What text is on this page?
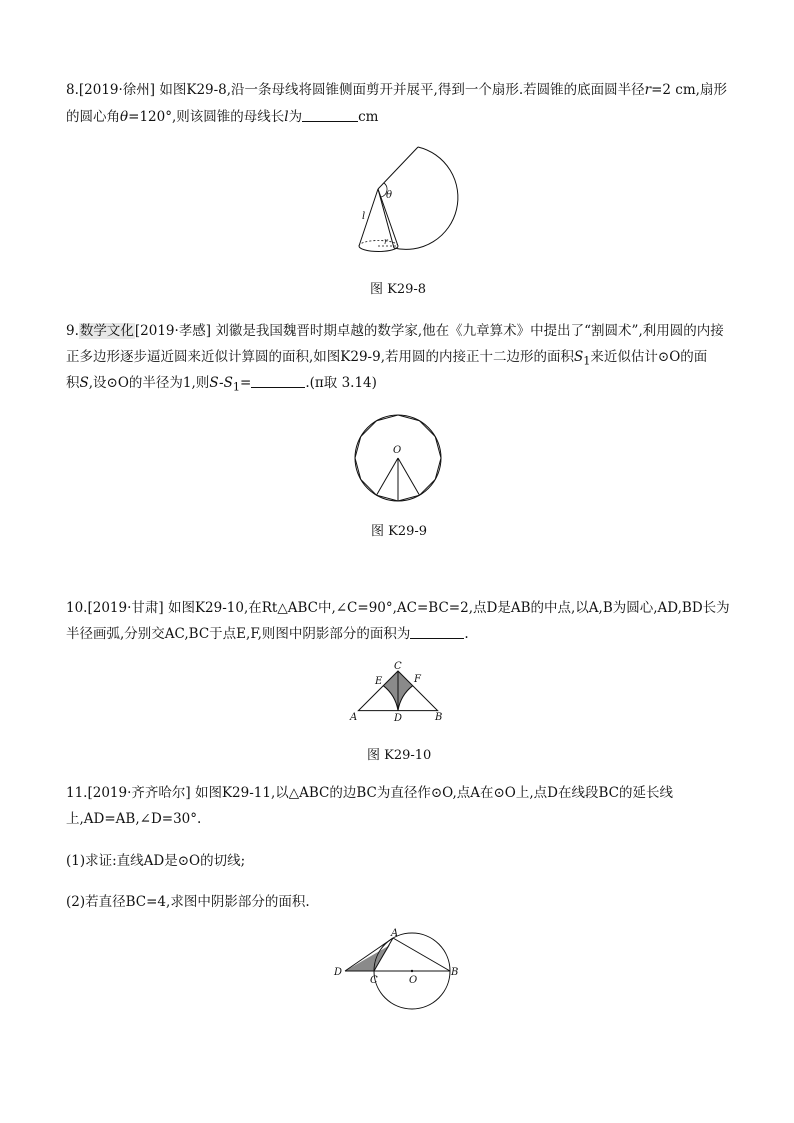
8.[2019·徐州] 如图K29-8,沿一条母线将圆锥侧面剪开并展平,得到一个扇形.若圆锥的底面圆半径r=2 cm,扇形
的圆心角θ=120°,则该圆锥的母线长l为	cm
θ
l
r
图 K29-8
9.数学文化[2019·孝感] 刘徽是我国魏晋时期卓越的数学家,他在《九章算术》中提出了“割圆术”,利用圆的内接
正多边形逐步逼近圆来近似计算圆的面积,如图K29-9,若用圆的内接正十二边形的面积$S_1$来近似估计⊙O的面
积S,设⊙O的半径为1,则$S-S_1=$	.(π取 3.14)
O
图 K29-9
10.[2019·甘肃] 如图K29-10,在Rt△ABC中,∠C=90°,AC=BC=2,点D是AB的中点,以A,B为圆心,AD,BD长为
半径画弧,分别交AC,BC于点E,F,则图中阴影部分的面积为	.
C
E	F
A	D	B
图 K29-10
11.[2019·齐齐哈尔] 如图K29-11,以△ABC的边BC为直径作⊙O,点A在⊙O上,点D在线段BC的延长线
上,AD=AB,∠D=30°.
(1)求证:直线AD是⊙O的切线;
(2)若直径BC=4,求图中阴影部分的面积.
A
D
C	O
B
